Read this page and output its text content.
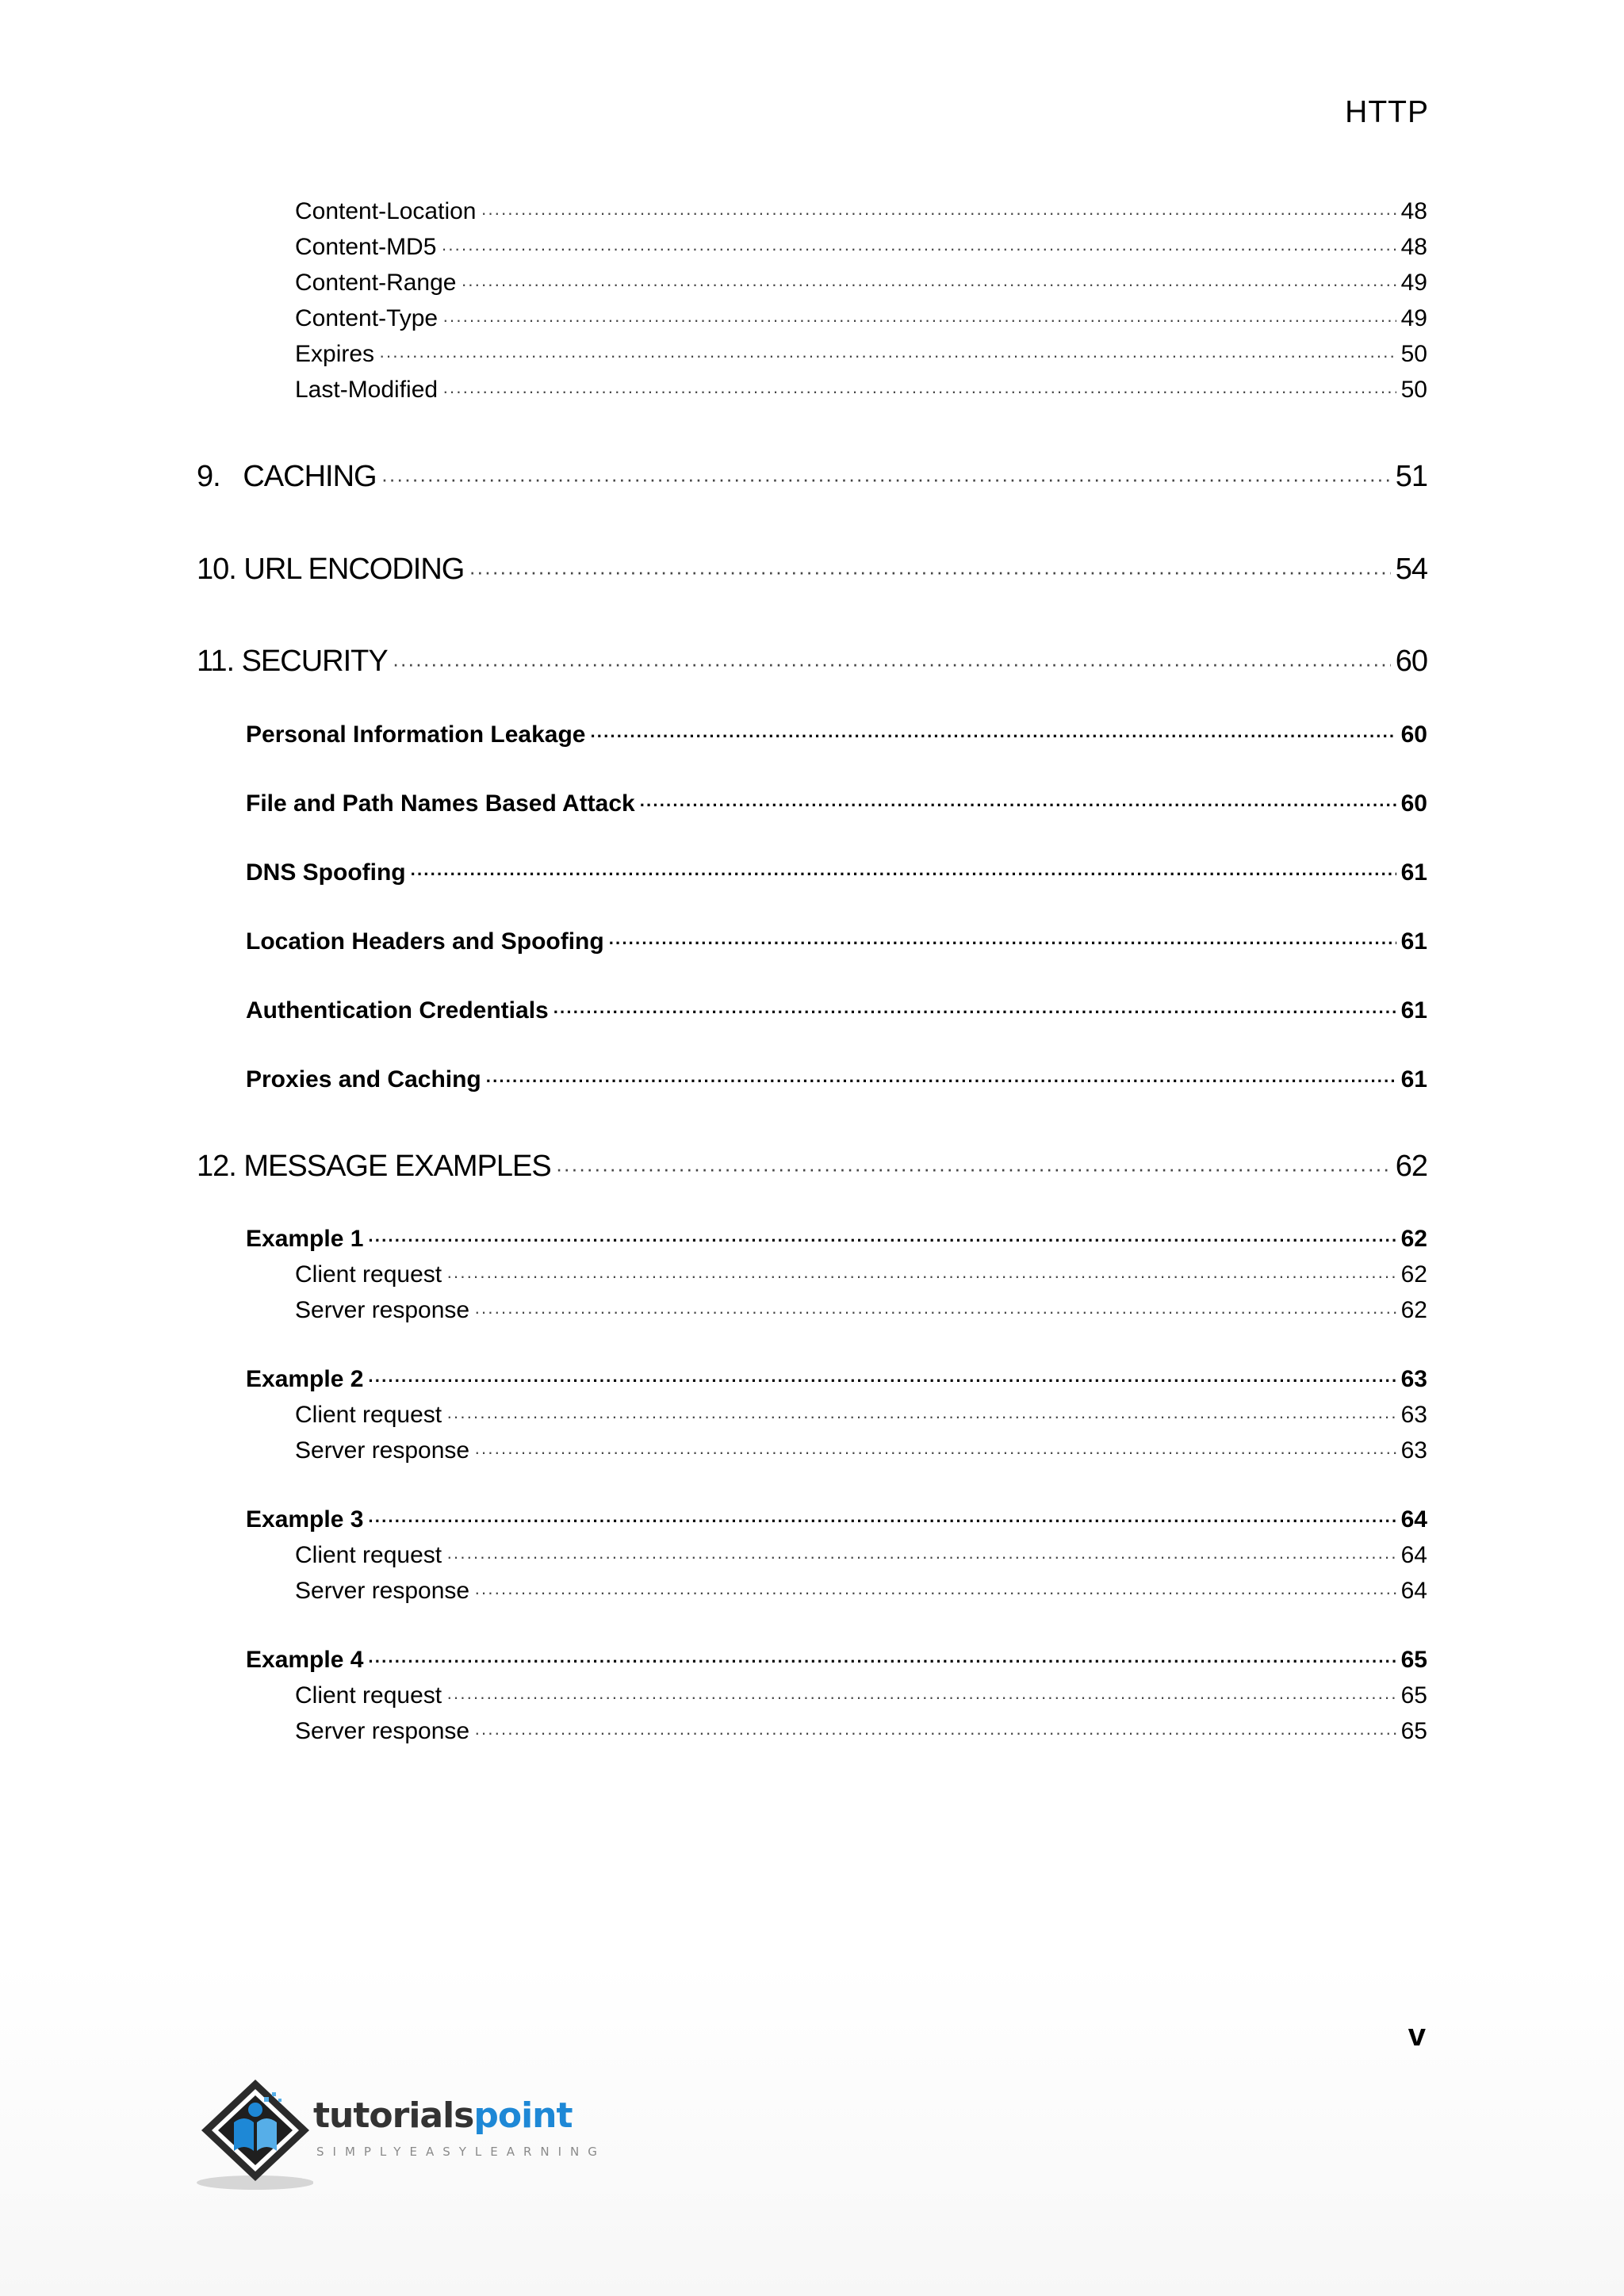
HTTP
Content-Location ·····	48
Content-MD5 ·····	48
Content-Range ·····	49
Content-Type ·····	49
Expires ·····	50
Last-Modified ·····	50
9.   CACHING ·····	51
10. URL ENCODING ·····	54
11. SECURITY ·····	60
Personal Information Leakage ·····	60
File and Path Names Based Attack ·····	60
DNS Spoofing ·····	61
Location Headers and Spoofing ·····	61
Authentication Credentials ·····	61
Proxies and Caching ·····	61
12. MESSAGE EXAMPLES ·····	62
Example 1 ·····	62
Client request ·····	62
Server response ·····	62
Example 2 ·····	63
Client request ·····	63
Server response ·····	63
Example 3 ·····	64
Client request ·····	64
Server response ·····	64
Example 4 ·····	65
Client request ·····	65
Server response ·····	65
v
tutorialspoint
SIMPLYEASYLEARNING
